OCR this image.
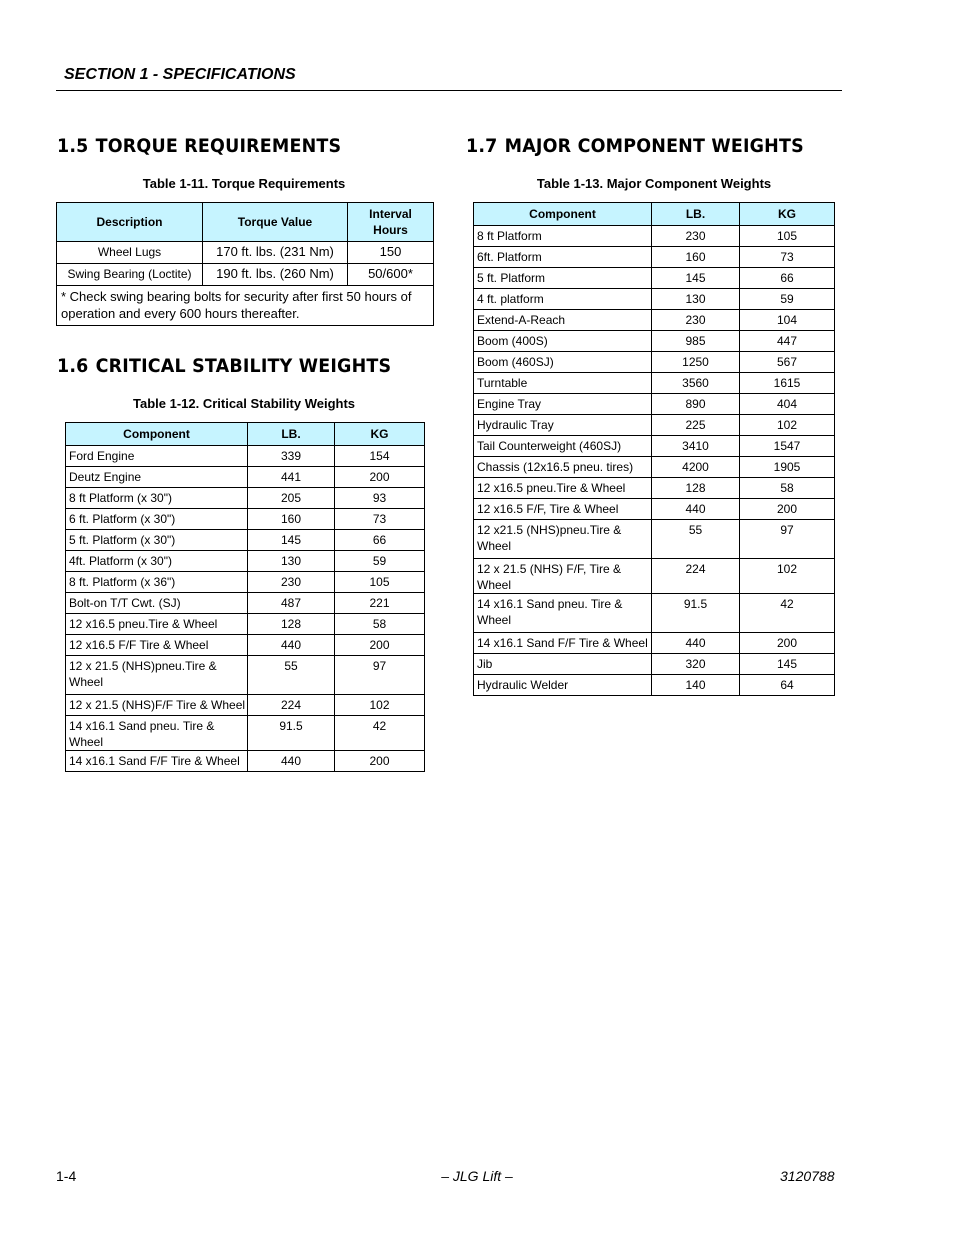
SECTION 1 - SPECIFICATIONS
1.5 TORQUE REQUIREMENTS
Table 1-11. Torque Requirements
Description	Torque Value	Interval Hours
Wheel Lugs	170 ft. lbs. (231 Nm)	150
Swing Bearing (Loctite)	190 ft. lbs. (260 Nm)	50/600*
* Check swing bearing bolts for security after first 50 hours of operation and every 600 hours thereafter.		
1.6 CRITICAL STABILITY WEIGHTS
Table 1-12. Critical Stability Weights
Component	LB.	KG
Ford Engine	339	154
Deutz Engine	441	200
8 ft Platform (x 30")	205	93
6 ft. Platform (x 30")	160	73
5 ft. Platform (x 30")	145	66
4ft. Platform (x 30")	130	59
8 ft. Platform (x 36")	230	105
Bolt-on T/T Cwt. (SJ)	487	221
12 x16.5 pneu.Tire & Wheel	128	58
12 x16.5 F/F Tire & Wheel	440	200
12 x 21.5 (NHS)pneu.Tire & Wheel	55	97
12 x 21.5 (NHS)F/F Tire & Wheel	224	102
14 x16.1 Sand pneu. Tire & Wheel	91.5	42
14 x16.1 Sand F/F Tire & Wheel	440	200
1.7 MAJOR COMPONENT WEIGHTS
Table 1-13. Major Component Weights
Component	LB.	KG
8 ft Platform	230	105
6ft. Platform	160	73
5 ft. Platform	145	66
4 ft. platform	130	59
Extend-A-Reach	230	104
Boom (400S)	985	447
Boom (460SJ)	1250	567
Turntable	3560	1615
Engine Tray	890	404
Hydraulic Tray	225	102
Tail Counterweight (460SJ)	3410	1547
Chassis (12x16.5 pneu. tires)	4200	1905
12 x16.5 pneu.Tire & Wheel	128	58
12 x16.5 F/F, Tire & Wheel	440	200
12 x21.5 (NHS)pneu.Tire & Wheel	55	97
12 x 21.5 (NHS) F/F, Tire & Wheel	224	102
14 x16.1 Sand pneu. Tire & Wheel	91.5	42
14 x16.1 Sand F/F Tire & Wheel	440	200
Jib	320	145
Hydraulic Welder	140	64
1-4	– JLG Lift –	3120788
